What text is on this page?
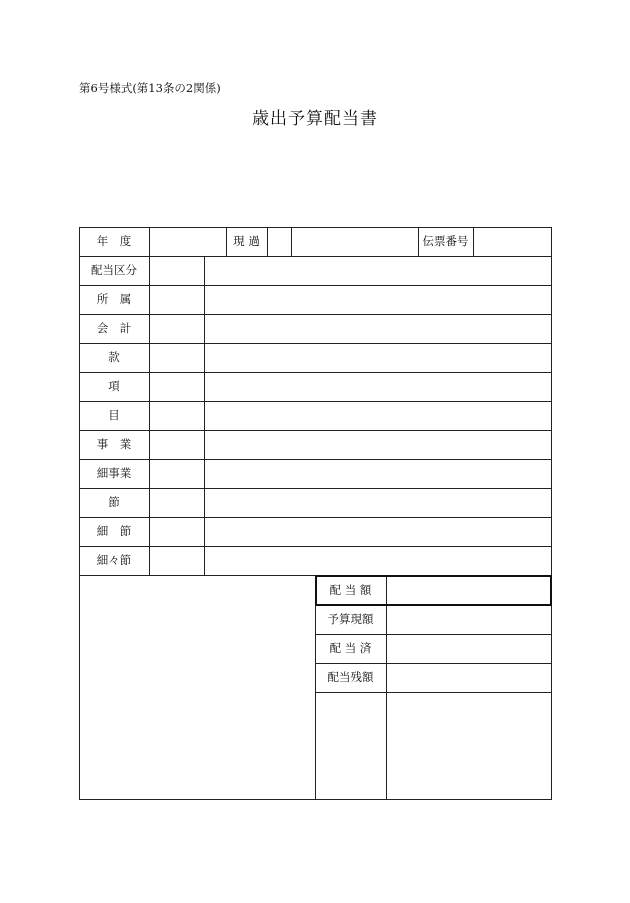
第6号様式(第13条の2関係)
歳出予算配当書
年　度	現 過	伝票番号
配当区分
所　属
会　計
款
項
目
事　業
細事業
節
細　節
細々節
配 当 額
予算現額
配 当 済
配当残額
